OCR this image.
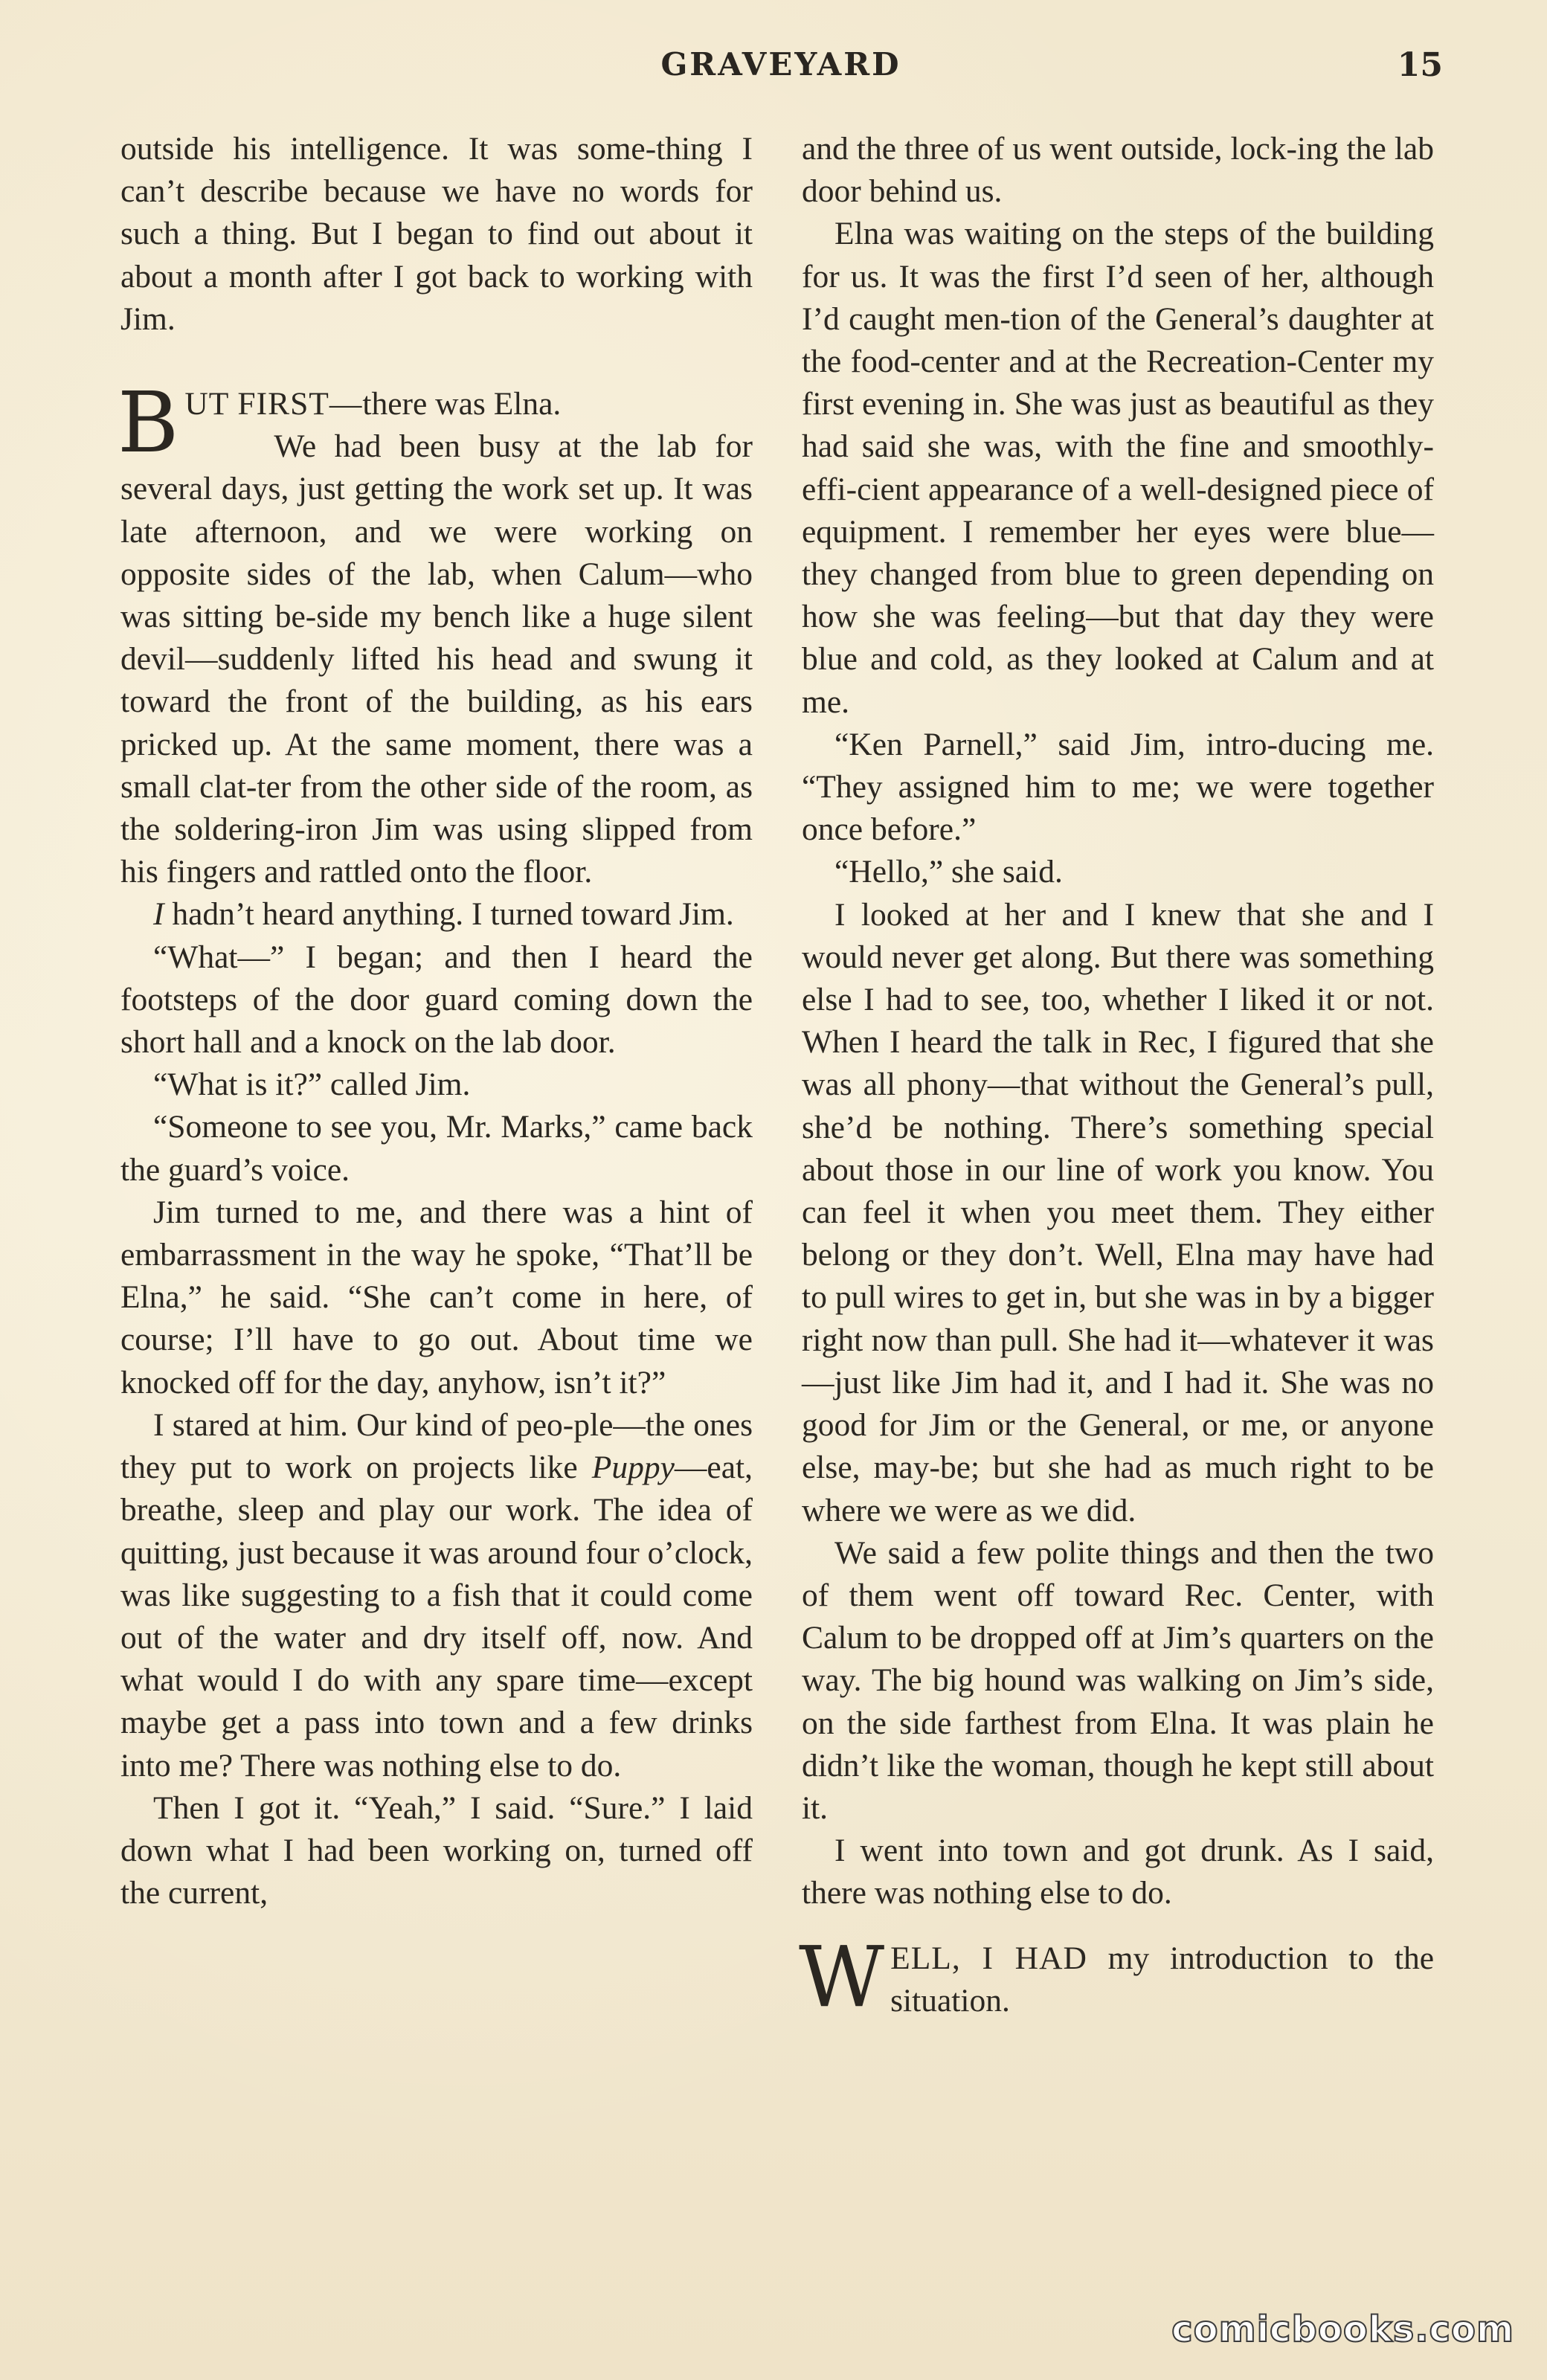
GRAVEYARD	15

outside his intelligence. It was some-thing I can’t describe because we have no words for such a thing. But I began to find out about it about a month after I got back to working with Jim.

BUT FIRST—there was Elna.

We had been busy at the lab for several days, just getting the work set up. It was late afternoon, and we were working on opposite sides of the lab, when Calum—who was sitting be-side my bench like a huge silent devil—suddenly lifted his head and swung it toward the front of the building, as his ears pricked up. At the same moment, there was a small clat-ter from the other side of the room, as the soldering-iron Jim was using slipped from his fingers and rattled onto the floor.

I hadn’t heard anything. I turned toward Jim.

“What—” I began; and then I heard the footsteps of the door guard coming down the short hall and a knock on the lab door.

“What is it?” called Jim.

“Someone to see you, Mr. Marks,” came back the guard’s voice.

Jim turned to me, and there was a hint of embarrassment in the way he spoke, “That’ll be Elna,” he said. “She can’t come in here, of course; I’ll have to go out. About time we knocked off for the day, anyhow, isn’t it?”

I stared at him. Our kind of peo-ple—the ones they put to work on projects like Puppy—eat, breathe, sleep and play our work. The idea of quitting, just because it was around four o’clock, was like suggesting to a fish that it could come out of the water and dry itself off, now. And what would I do with any spare time—except maybe get a pass into town and a few drinks into me? There was nothing else to do.

Then I got it. “Yeah,” I said. “Sure.” I laid down what I had been working on, turned off the current,

and the three of us went outside, lock-ing the lab door behind us.

Elna was waiting on the steps of the building for us. It was the first I’d seen of her, although I’d caught men-tion of the General’s daughter at the food-center and at the Recreation-Center my first evening in. She was just as beautiful as they had said she was, with the fine and smoothly-effi-cient appearance of a well-designed piece of equipment. I remember her eyes were blue—they changed from blue to green depending on how she was feeling—but that day they were blue and cold, as they looked at Calum and at me.

“Ken Parnell,” said Jim, intro-ducing me. “They assigned him to me; we were together once before.”

“Hello,” she said.

I looked at her and I knew that she and I would never get along. But there was something else I had to see, too, whether I liked it or not. When I heard the talk in Rec, I figured that she was all phony—that without the General’s pull, she’d be nothing. There’s something special about those in our line of work you know. You can feel it when you meet them. They either belong or they don’t. Well, Elna may have had to pull wires to get in, but she was in by a bigger right now than pull. She had it—whatever it was—just like Jim had it, and I had it. She was no good for Jim or the General, or me, or anyone else, may-be; but she had as much right to be where we were as we did.

We said a few polite things and then the two of them went off toward Rec. Center, with Calum to be dropped off at Jim’s quarters on the way. The big hound was walking on Jim’s side, on the side farthest from Elna. It was plain he didn’t like the woman, though he kept still about it.

I went into town and got drunk. As I said, there was nothing else to do.

WELL, I HAD my introduction to the situation.

comicbooks.com
